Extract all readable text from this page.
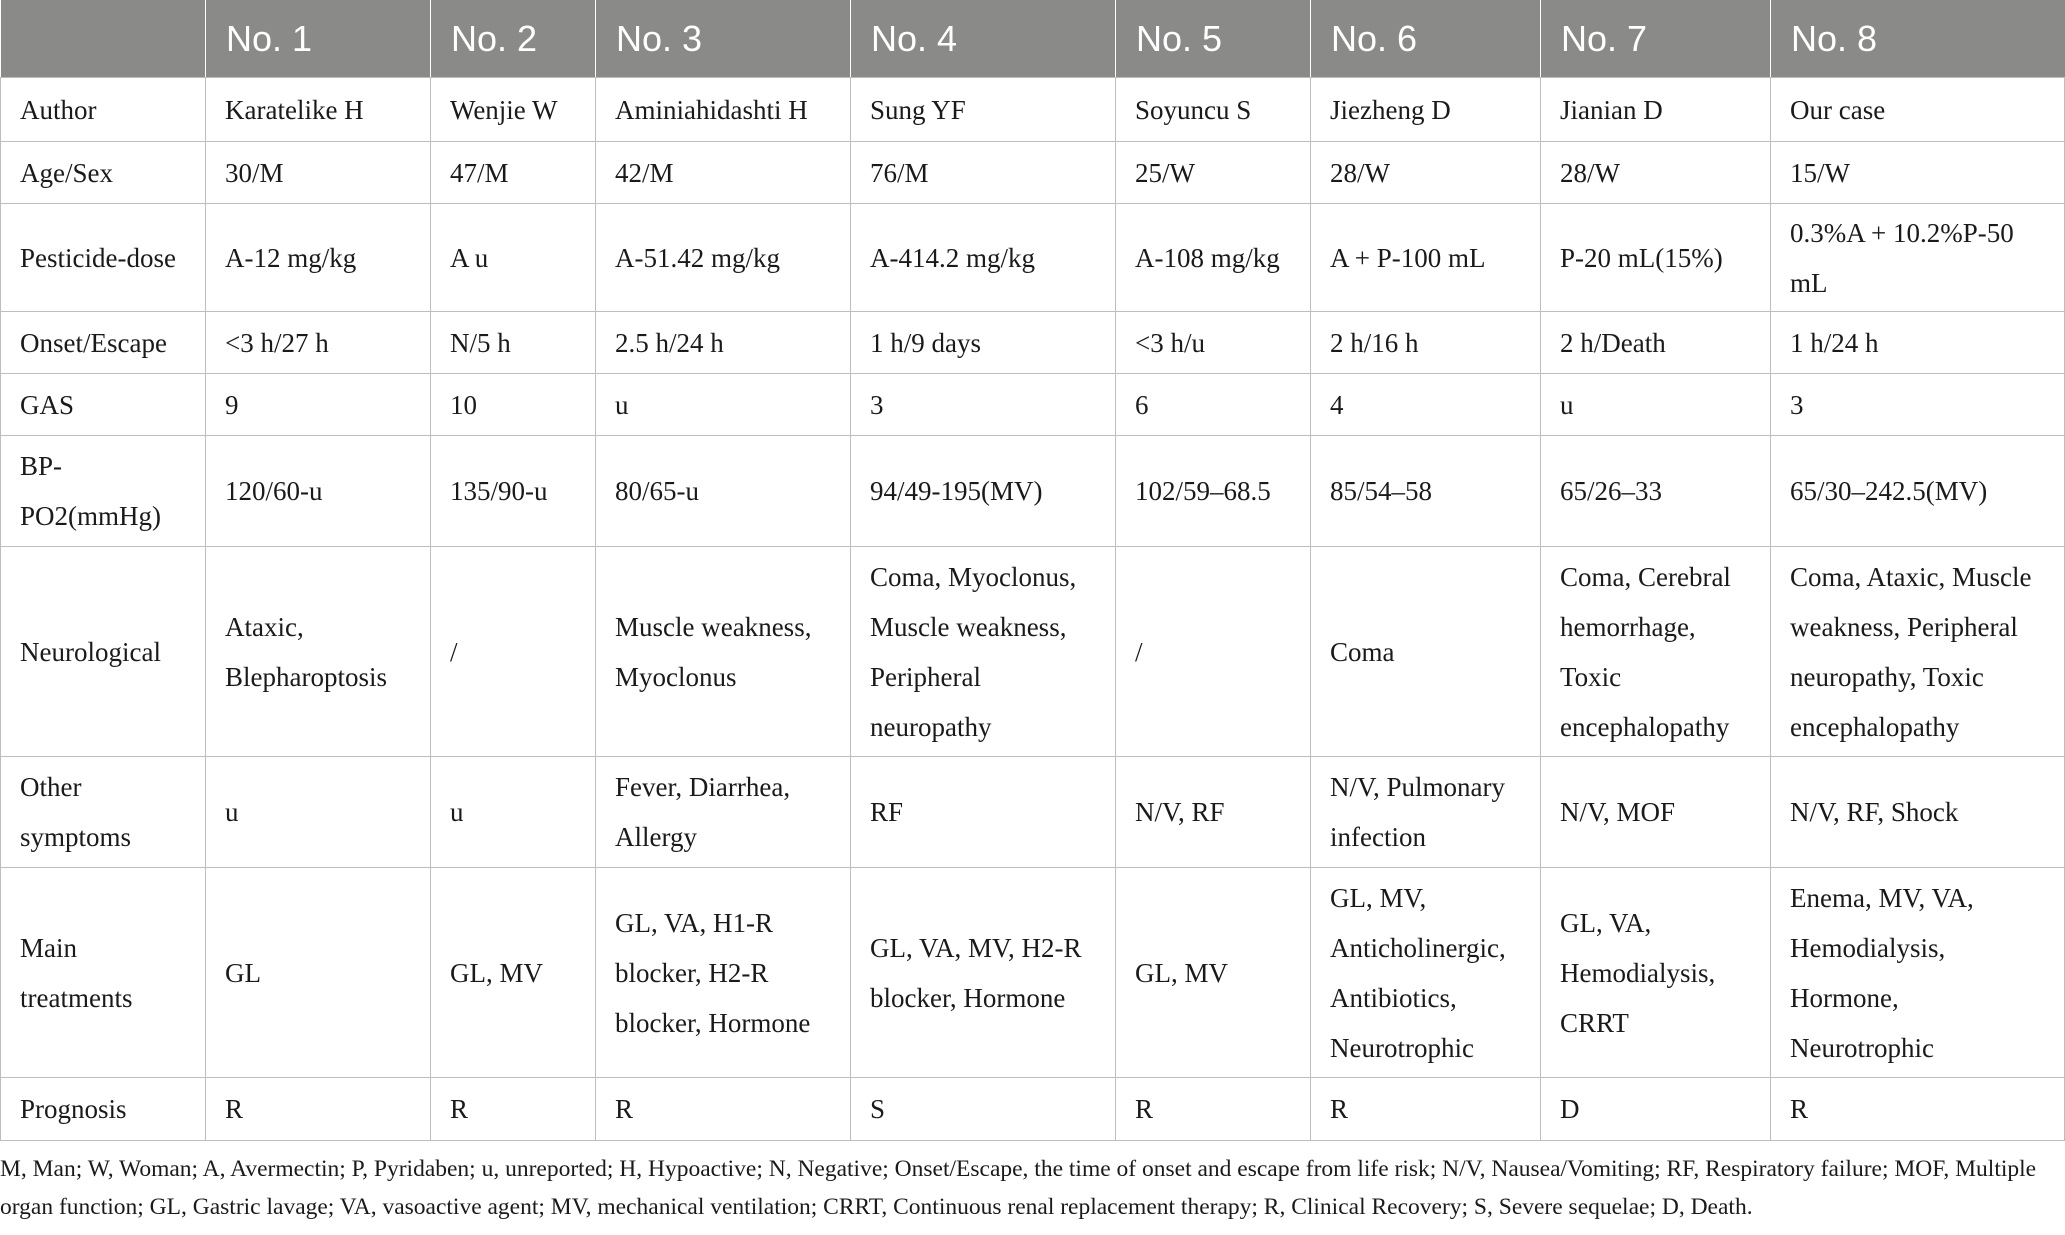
	No. 1	No. 2	No. 3	No. 4	No. 5	No. 6	No. 7	No. 8
Author	Karatelike H	Wenjie W	Aminiahidashti H	Sung YF	Soyuncu S	Jiezheng D	Jianian D	Our case
Age/Sex	30/M	47/M	42/M	76/M	25/W	28/W	28/W	15/W
Pesticide-dose	A-12 mg/kg	A u	A-51.42 mg/kg	A-414.2 mg/kg	A-108 mg/kg	A + P-100 mL	P-20 mL(15%)	0.3%A + 10.2%P-50 mL
Onset/Escape	<3 h/27 h	N/5 h	2.5 h/24 h	1 h/9 days	<3 h/u	2 h/16 h	2 h/Death	1 h/24 h
GAS	9	10	u	3	6	4	u	3
BP-PO2(mmHg)	120/60-u	135/90-u	80/65-u	94/49-195(MV)	102/59–68.5	85/54–58	65/26–33	65/30–242.5(MV)
Neurological	Ataxic, Blepharoptosis	/	Muscle weakness, Myoclonus	Coma, Myoclonus, Muscle weakness, Peripheral neuropathy	/	Coma	Coma, Cerebral hemorrhage, Toxic encephalopathy	Coma, Ataxic, Muscle weakness, Peripheral neuropathy, Toxic encephalopathy
Other symptoms	u	u	Fever, Diarrhea, Allergy	RF	N/V, RF	N/V, Pulmonary infection	N/V, MOF	N/V, RF, Shock
Main treatments	GL	GL, MV	GL, VA, H1-R blocker, H2-R blocker, Hormone	GL, VA, MV, H2-R blocker, Hormone	GL, MV	GL, MV, Anticholinergic, Antibiotics, Neurotrophic	GL, VA, Hemodialysis, CRRT	Enema, MV, VA, Hemodialysis, Hormone, Neurotrophic
Prognosis	R	R	R	S	R	R	D	R
M, Man; W, Woman; A, Avermectin; P, Pyridaben; u, unreported; H, Hypoactive; N, Negative; Onset/Escape, the time of onset and escape from life risk; N/V, Nausea/Vomiting; RF, Respiratory failure; MOF, Multiple organ function; GL, Gastric lavage; VA, vasoactive agent; MV, mechanical ventilation; CRRT, Continuous renal replacement therapy; R, Clinical Recovery; S, Severe sequelae; D, Death.
